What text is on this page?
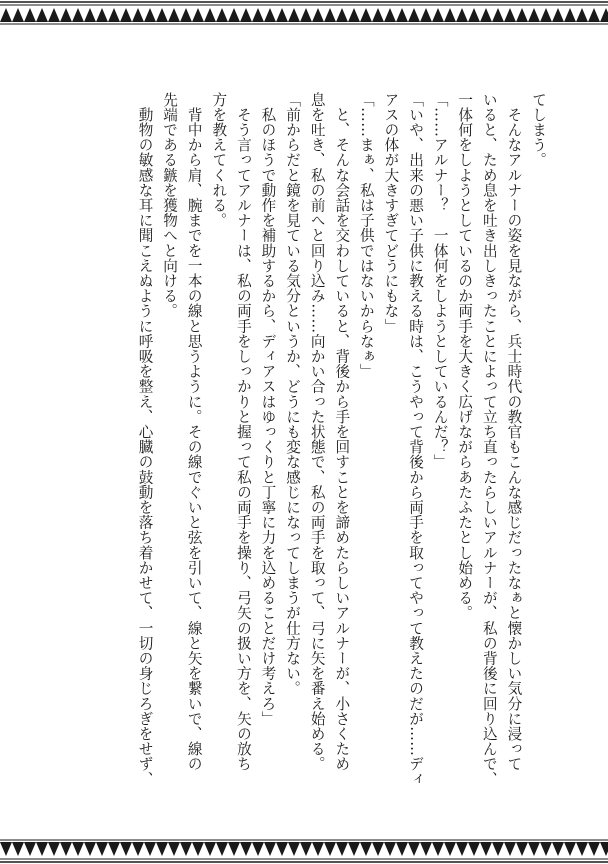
てしまう。
　そんなアルナーの姿を見ながら、兵士時代の教官もこんな感じだったなぁと懐かしい気分に浸って
いると、ため息を吐き出しきったことによって立ち直ったらしいアルナーが、私の背後に回り込んで、
一体何をしようとしているのか両手を大きく広げながらあたふたとし始める。
「……アルナー？　一体何をしようとしているんだ？」
「いや、出来の悪い子供に教える時は、こうやって背後から両手を取ってやって教えたのだが……ディ
アスの体が大きすぎてどうにもな」
「……まぁ、私は子供ではないからなぁ」
　と、そんな会話を交わしていると、背後から手を回すことを諦めたらしいアルナーが、小さくため
息を吐き、私の前へと回り込み……向かい合った状態で、私の両手を取って、弓に矢を番え始める。
「前からだと鏡を見ている気分というか、どうにも変な感じになってしまうが仕方ない。
　私のほうで動作を補助するから、ディアスはゆっくりと丁寧に力を込めることだけ考えろ」
　そう言ってアルナーは、私の両手をしっかりと握って私の両手を操り、弓矢の扱い方を、矢の放ち
方を教えてくれる。
　背中から肩、腕までを一本の線と思うように。その線でぐいと弦を引いて、線と矢を繋いで、線の
先端である鏃を獲物へと向ける。
　動物の敏感な耳に聞こえぬように呼吸を整え、心臓の鼓動を落ち着かせて、一切の身じろぎをせず、
